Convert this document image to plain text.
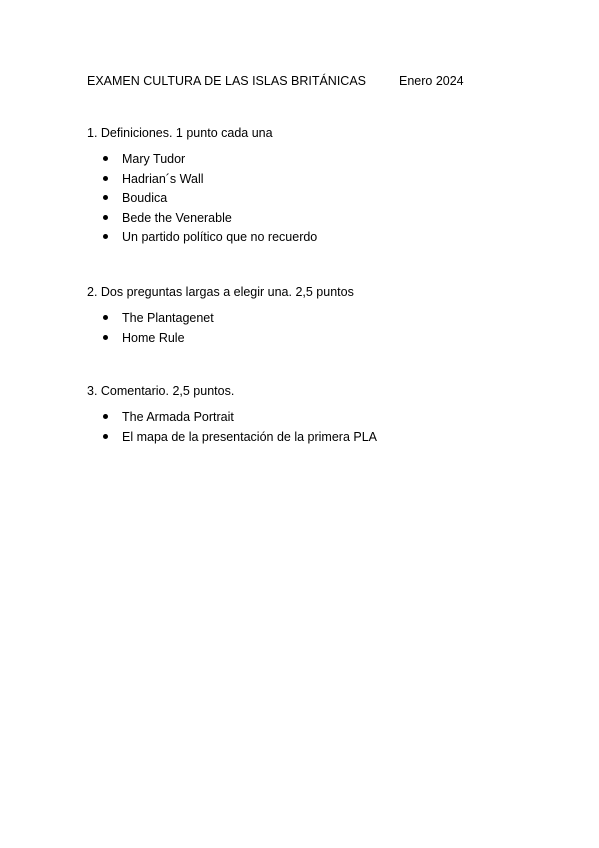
EXAMEN CULTURA DE LAS ISLAS BRITÁNICAS	Enero 2024

1. Definiciones. 1 punto cada una

Mary Tudor
Hadrian´s Wall
Boudica
Bede the Venerable
Un partido político que no recuerdo

2. Dos preguntas largas a elegir una. 2,5 puntos

The Plantagenet
Home Rule

3. Comentario. 2,5 puntos.

The Armada Portrait
El mapa de la presentación de la primera PLA
